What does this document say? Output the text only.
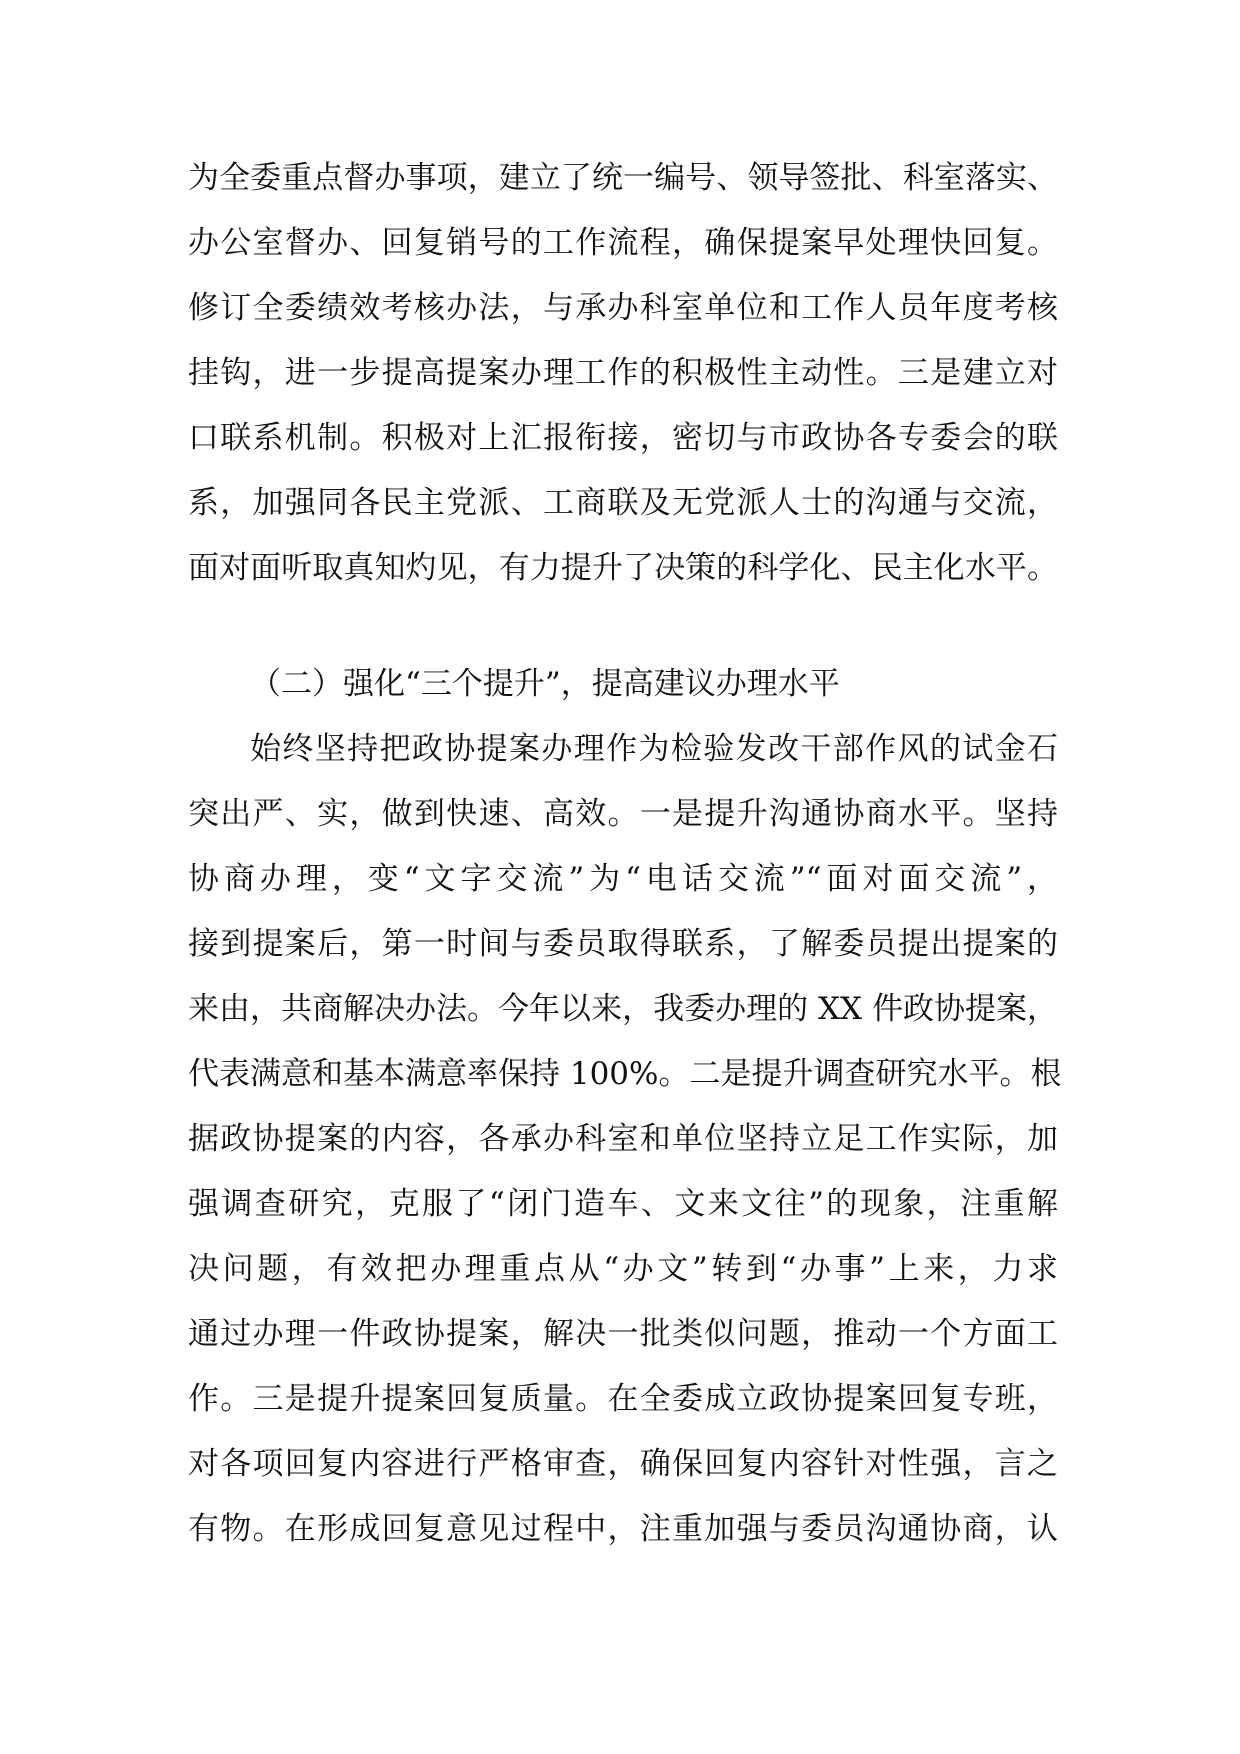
为全委重点督办事项，建立了统一编号、领导签批、科室落实、
办公室督办、回复销号的工作流程，确保提案早处理快回复。
修订全委绩效考核办法，与承办科室单位和工作人员年度考核
挂钩，进一步提高提案办理工作的积极性主动性。三是建立对
口联系机制。积极对上汇报衔接，密切与市政协各专委会的联
系，加强同各民主党派、工商联及无党派人士的沟通与交流，
面对面听取真知灼见，有力提升了决策的科学化、民主化水平。
（二）强化“三个提升”，提高建议办理水平
始终坚持把政协提案办理作为检验发改干部作风的试金石
突出严、实，做到快速、高效。一是提升沟通协商水平。坚持
协商办理，变“文字交流”为“电话交流”“面对面交流”，
接到提案后，第一时间与委员取得联系，了解委员提出提案的
来由，共商解决办法。今年以来，我委办理的 XX 件政协提案，
代表满意和基本满意率保持 100%。二是提升调查研究水平。根
据政协提案的内容，各承办科室和单位坚持立足工作实际，加
强调查研究，克服了“闭门造车、文来文往”的现象，注重解
决问题，有效把办理重点从“办文”转到“办事”上来，力求
通过办理一件政协提案，解决一批类似问题，推动一个方面工
作。三是提升提案回复质量。在全委成立政协提案回复专班，
对各项回复内容进行严格审查，确保回复内容针对性强，言之
有物。在形成回复意见过程中，注重加强与委员沟通协商，认
